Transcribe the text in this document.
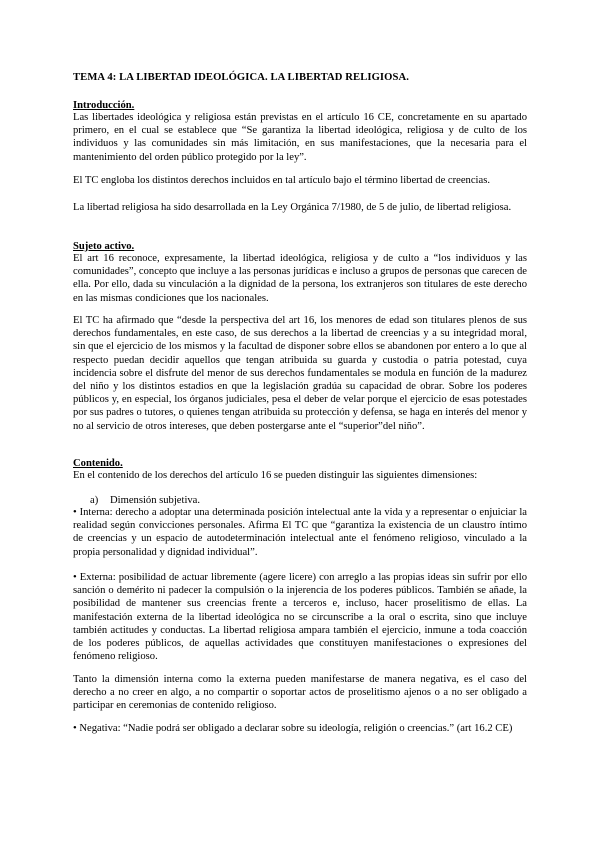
TEMA 4: LA LIBERTAD IDEOLÓGICA. LA LIBERTAD RELIGIOSA.
Introducción.

Las libertades ideológica y religiosa están previstas en el artículo 16 CE, concretamente en su apartado primero, en el cual se establece que “Se garantiza la libertad ideológica, religiosa y de culto de los individuos y las comunidades sin más limitación, en sus manifestaciones, que la necesaria para el mantenimiento del orden público protegido por la ley”.

El TC engloba los distintos derechos incluidos en tal artículo bajo el término libertad de creencias.

La libertad religiosa ha sido desarrollada en la Ley Orgánica 7/1980, de 5 de julio, de libertad religiosa.

Sujeto activo.

El art 16 reconoce, expresamente, la libertad ideológica, religiosa y de culto a “los individuos y las comunidades”, concepto que incluye a las personas jurídicas e incluso a grupos de personas que carecen de ella. Por ello, dada su vinculación a la dignidad de la persona, los extranjeros son titulares de este derecho en las mismas condiciones que los nacionales.

El TC ha afirmado que “desde la perspectiva del art 16, los menores de edad son titulares plenos de sus derechos fundamentales, en este caso, de sus derechos a la libertad de creencias y a su integridad moral, sin que el ejercicio de los mismos y la facultad de disponer sobre ellos se abandonen por entero a lo que al respecto puedan decidir aquellos que tengan atribuida su guarda y custodia o patria potestad, cuya incidencia sobre el disfrute del menor de sus derechos fundamentales se modula en función de la madurez del niño y los distintos estadios en que la legislación gradúa su capacidad de obrar. Sobre los poderes públicos y, en especial, los órganos judiciales, pesa el deber de velar porque el ejercicio de esas potestades por sus padres o tutores, o quienes tengan atribuida su protección y defensa, se haga en interés del menor y no al servicio de otros intereses, que deben postergarse ante el “superior”del niño”.

Contenido.

En el contenido de los derechos del artículo 16 se pueden distinguir las siguientes dimensiones:

a) Dimensión subjetiva.

• Interna: derecho a adoptar una determinada posición intelectual ante la vida y a representar o enjuiciar la realidad según convicciones personales. Afirma El TC que “garantiza la existencia de un claustro íntimo de creencias y un espacio de autodeterminación intelectual ante el fenómeno religioso, vinculado a la propia personalidad y dignidad individual”.

• Externa: posibilidad de actuar libremente (agere licere) con arreglo a las propias ideas sin sufrir por ello sanción o demérito ni padecer la compulsión o la injerencia de los poderes públicos. También se añade, la posibilidad de mantener sus creencias frente a terceros e, incluso, hacer proselitismo de ellas. La manifestación externa de la libertad ideológica no se circunscribe a la oral o escrita, sino que incluye también actitudes y conductas. La libertad religiosa ampara también el ejercicio, inmune a toda coacción de los poderes públicos, de aquellas actividades que constituyen manifestaciones o expresiones del fenómeno religioso.

Tanto la dimensión interna como la externa pueden manifestarse de manera negativa, es el caso del derecho a no creer en algo, a no compartir o soportar actos de proselitismo ajenos o a no ser obligado a participar en ceremonias de contenido religioso.

• Negativa: “Nadie podrá ser obligado a declarar sobre su ideología, religión o creencias.” (art 16.2 CE)
